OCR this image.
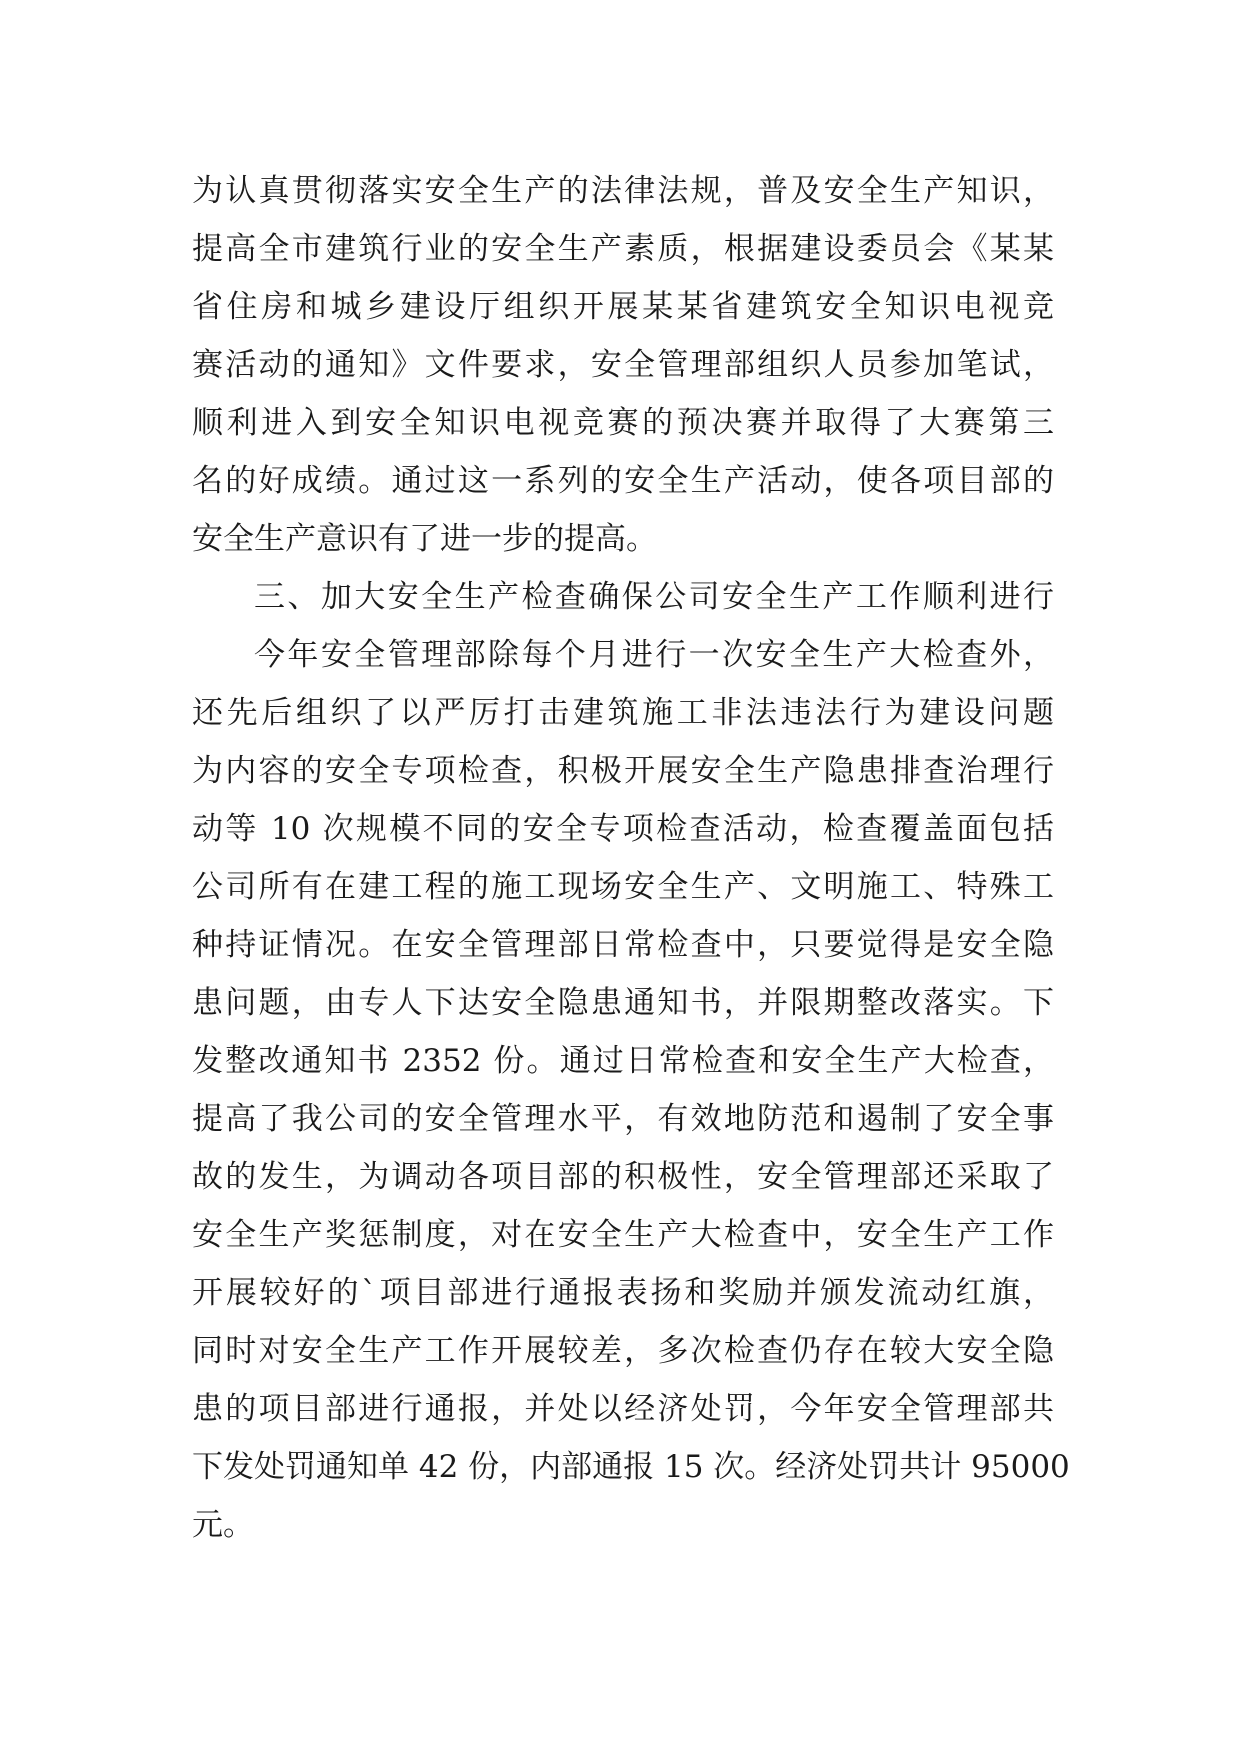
为认真贯彻落实安全生产的法律法规，普及安全生产知识，
提高全市建筑行业的安全生产素质，根据建设委员会《某某
省住房和城乡建设厅组织开展某某省建筑安全知识电视竞
赛活动的通知》文件要求，安全管理部组织人员参加笔试，
顺利进入到安全知识电视竞赛的预决赛并取得了大赛第三
名的好成绩。通过这一系列的安全生产活动，使各项目部的
安全生产意识有了进一步的提高。
三、加大安全生产检查确保公司安全生产工作顺利进行
今年安全管理部除每个月进行一次安全生产大检查外，
还先后组织了以严厉打击建筑施工非法违法行为建设问题
为内容的安全专项检查，积极开展安全生产隐患排查治理行
动等 10 次规模不同的安全专项检查活动，检查覆盖面包括
公司所有在建工程的施工现场安全生产、文明施工、特殊工
种持证情况。在安全管理部日常检查中，只要觉得是安全隐
患问题，由专人下达安全隐患通知书，并限期整改落实。下
发整改通知书 2352 份。通过日常检查和安全生产大检查，
提高了我公司的安全管理水平，有效地防范和遏制了安全事
故的发生，为调动各项目部的积极性，安全管理部还采取了
安全生产奖惩制度，对在安全生产大检查中，安全生产工作
开展较好的`项目部进行通报表扬和奖励并颁发流动红旗，
同时对安全生产工作开展较差，多次检查仍存在较大安全隐
患的项目部进行通报，并处以经济处罚，今年安全管理部共
下发处罚通知单 42 份，内部通报 15 次。经济处罚共计 95000
元。
